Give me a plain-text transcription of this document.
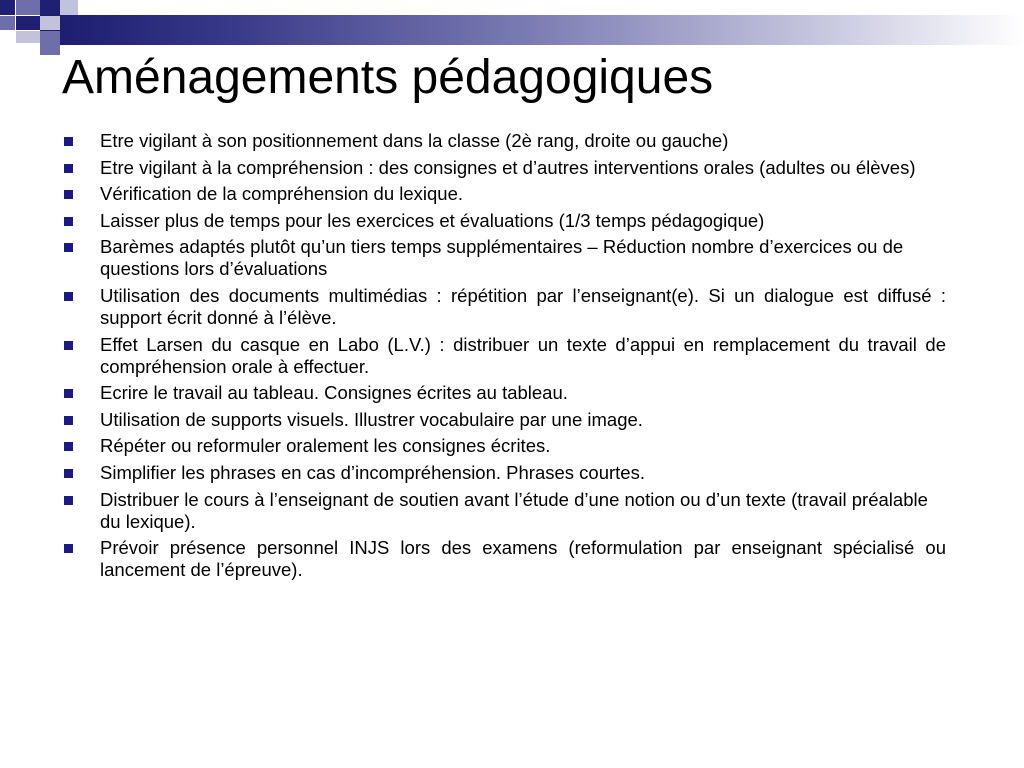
Aménagements pédagogiques
Etre vigilant à son positionnement dans la classe (2è rang, droite ou gauche)
Etre vigilant à la compréhension : des consignes et d’autres interventions orales (adultes ou élèves)
Vérification de la compréhension du lexique.
Laisser plus de temps pour les exercices et évaluations (1/3 temps pédagogique)
Barèmes adaptés plutôt qu’un tiers temps supplémentaires – Réduction nombre d’exercices ou de questions lors d’évaluations
Utilisation des documents multimédias : répétition par l’enseignant(e). Si un dialogue est diffusé : support écrit donné à l’élève.
Effet Larsen du casque en Labo (L.V.) : distribuer un texte d’appui en remplacement du travail de compréhension orale à effectuer.
Ecrire le travail au tableau. Consignes écrites au tableau.
Utilisation de supports visuels. Illustrer vocabulaire par une image.
Répéter ou reformuler oralement les consignes écrites.
Simplifier les phrases en cas d’incompréhension. Phrases courtes.
Distribuer le cours à l’enseignant de soutien avant l’étude d’une notion ou d’un texte (travail préalable du lexique).
Prévoir présence personnel INJS lors des examens (reformulation par enseignant spécialisé ou lancement de l’épreuve).
